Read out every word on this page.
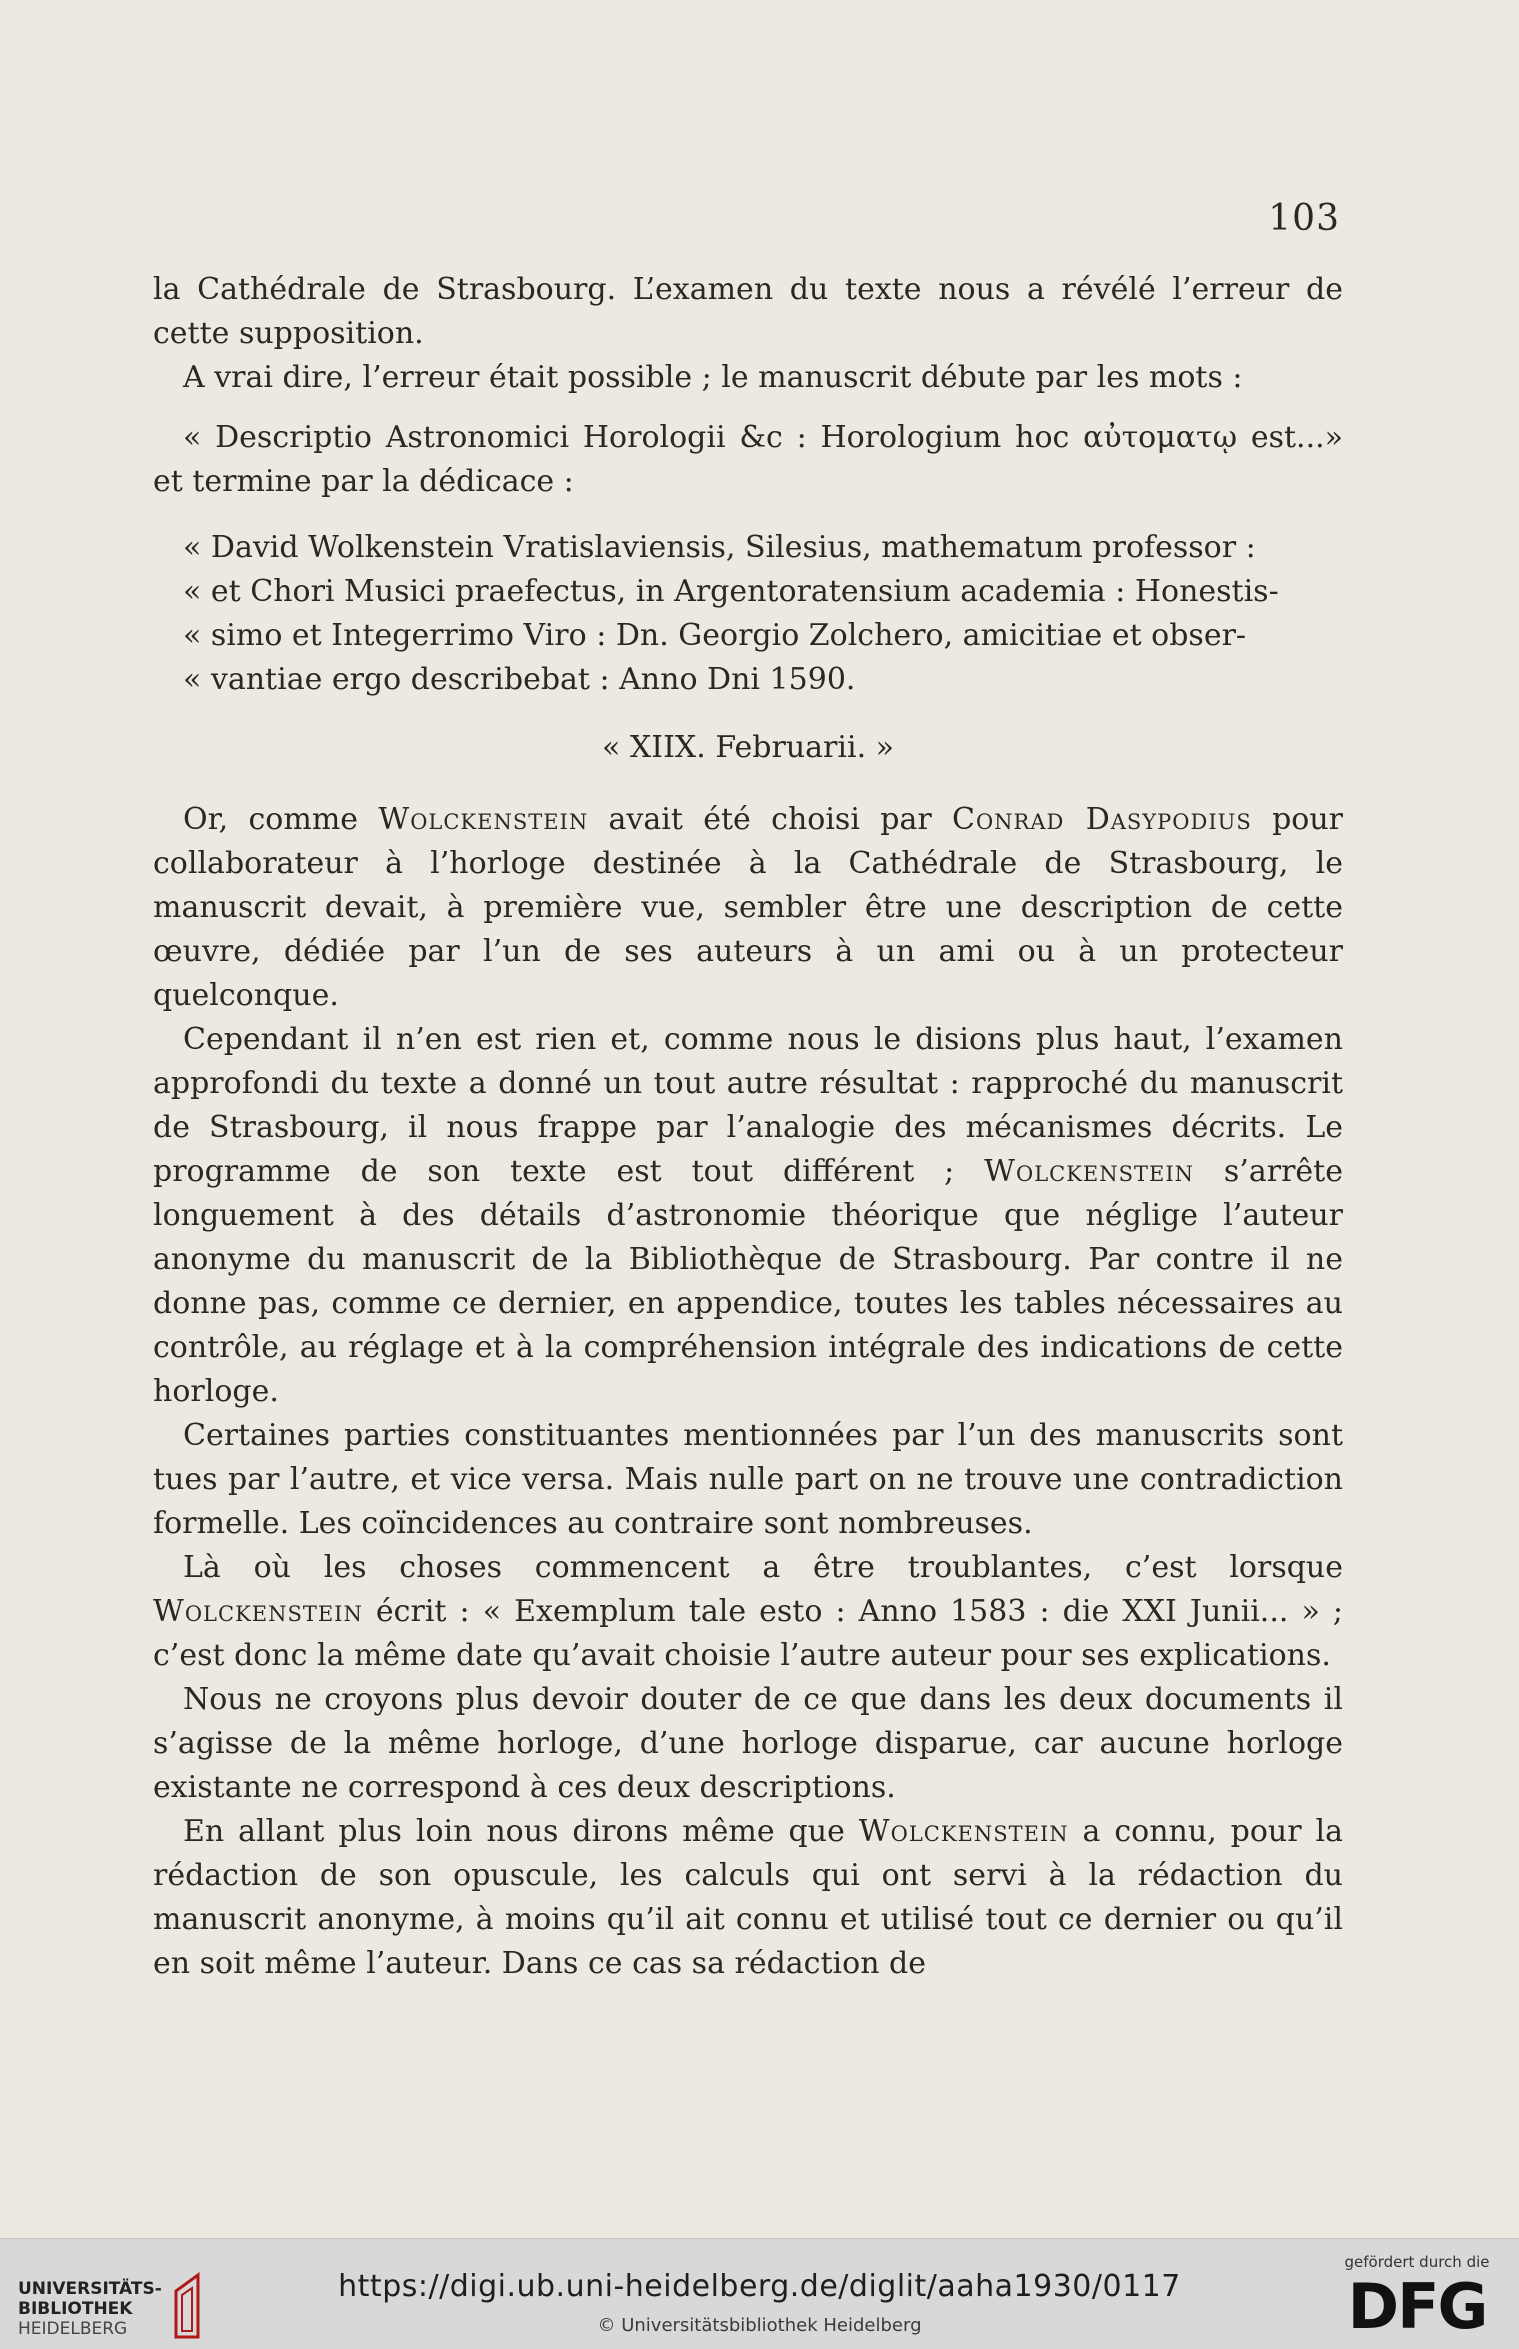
103

la Cathédrale de Strasbourg. L’examen du texte nous a révélé l’erreur de cette supposition.

A vrai dire, l’erreur était possible ; le manuscrit débute par les mots :

« Descriptio Astronomici Horologii &c : Horologium hoc αὐτοματῳ est...» et termine par la dédicace :

« David Wolkenstein Vratislaviensis, Silesius, mathematum professor :
« et Chori Musici praefectus, in Argentoratensium academia : Honestis-
« simo et Integerrimo Viro : Dn. Georgio Zolchero, amicitiae et obser-
« vantiae ergo describebat : Anno Dni 1590.

« XIIX. Februarii. »

Or, comme Wolckenstein avait été choisi par Conrad Dasypodius pour collaborateur à l’horloge destinée à la Cathédrale de Strasbourg, le manuscrit devait, à première vue, sembler être une description de cette œuvre, dédiée par l’un de ses auteurs à un ami ou à un protecteur quelconque.

Cependant il n’en est rien et, comme nous le disions plus haut, l’examen approfondi du texte a donné un tout autre résultat : rapproché du manuscrit de Strasbourg, il nous frappe par l’analogie des mécanismes décrits. Le programme de son texte est tout différent ; Wolckenstein s’arrête longuement à des détails d’astronomie théorique que néglige l’auteur anonyme du manuscrit de la Bibliothèque de Strasbourg. Par contre il ne donne pas, comme ce dernier, en appendice, toutes les tables nécessaires au contrôle, au réglage et à la compréhension intégrale des indications de cette horloge.

Certaines parties constituantes mentionnées par l’un des manuscrits sont tues par l’autre, et vice versa. Mais nulle part on ne trouve une contradiction formelle. Les coïncidences au contraire sont nombreuses.

Là où les choses commencent a être troublantes, c’est lorsque Wolckenstein écrit : « Exemplum tale esto : Anno 1583 : die XXI Junii... » ; c’est donc la même date qu’avait choisie l’autre auteur pour ses explications.

Nous ne croyons plus devoir douter de ce que dans les deux documents il s’agisse de la même horloge, d’une horloge disparue, car aucune horloge existante ne correspond à ces deux descriptions.

En allant plus loin nous dirons même que Wolckenstein a connu, pour la rédaction de son opuscule, les calculs qui ont servi à la rédaction du manuscrit anonyme, à moins qu’il ait connu et utilisé tout ce dernier ou qu’il en soit même l’auteur. Dans ce cas sa rédaction de

UNIVERSITÄTS-
BIBLIOTHEK
HEIDELBERG
https://digi.ub.uni-heidelberg.de/diglit/aaha1930/0117
© Universitätsbibliothek Heidelberg
gefördert durch die
DFG
